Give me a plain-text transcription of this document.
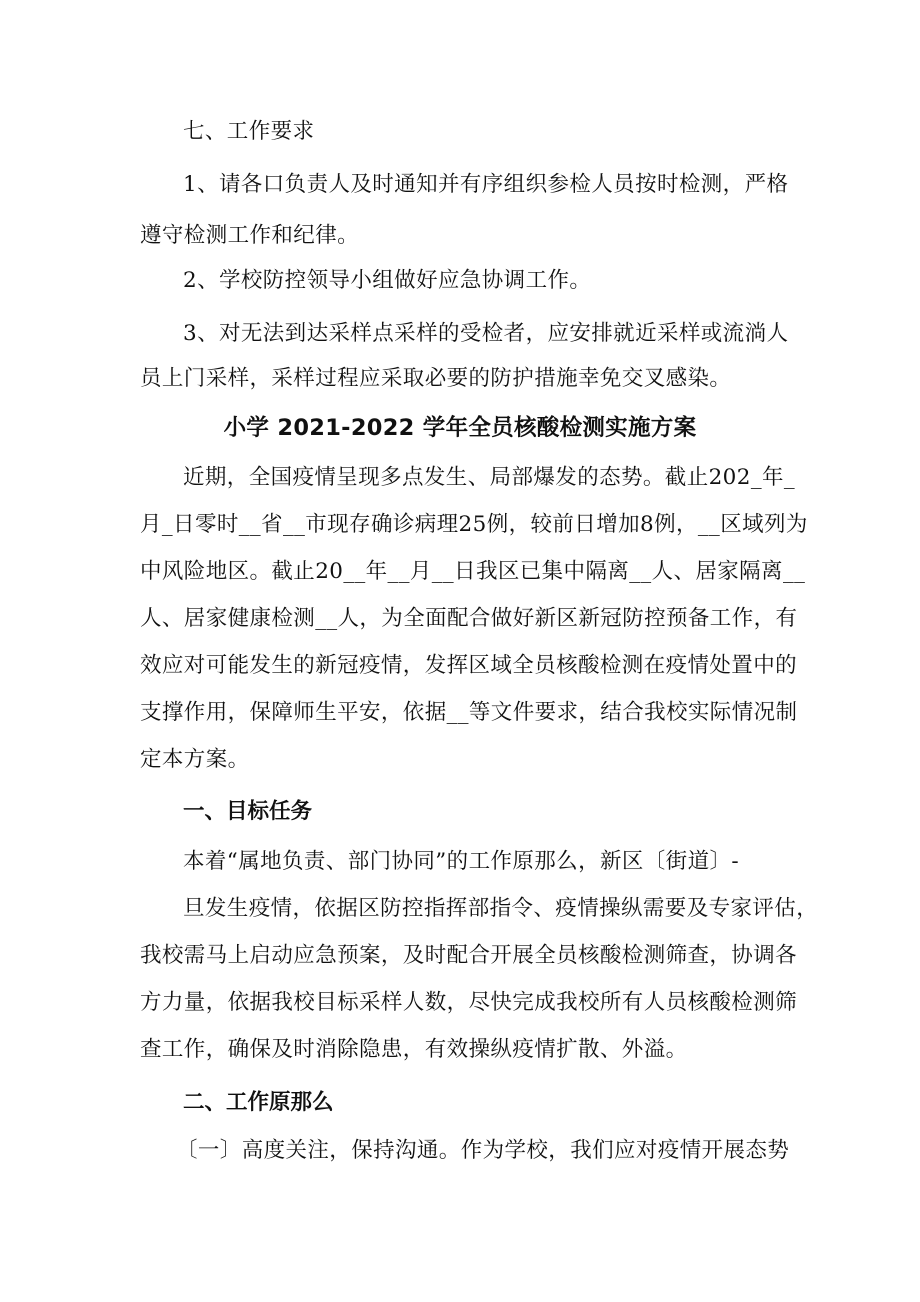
七、工作要求
1、请各口负责人及时通知并有序组织参检人员按时检测，严格
遵守检测工作和纪律。
2、学校防控领导小组做好应急协调工作。
3、对无法到达采样点采样的受检者，应安排就近采样或流淌人
员上门采样，采样过程应采取必要的防护措施幸免交叉感染。
小学 2021-2022 学年全员核酸检测实施方案
近期，全国疫情呈现多点发生、局部爆发的态势。截止202_年_
月_日零时__省__市现存确诊病理25例，较前日增加8例，__区域列为
中风险地区。截止20__年__月__日我区已集中隔离__人、居家隔离__
人、居家健康检测__人，为全面配合做好新区新冠防控预备工作，有
效应对可能发生的新冠疫情，发挥区域全员核酸检测在疫情处置中的
支撑作用，保障师生平安，依据__等文件要求，结合我校实际情况制
定本方案。
一、目标任务
本着“属地负责、部门协同”的工作原那么，新区〔街道〕-
旦发生疫情，依据区防控指挥部指令、疫情操纵需要及专家评估，
我校需马上启动应急预案，及时配合开展全员核酸检测筛查，协调各
方力量，依据我校目标采样人数，尽快完成我校所有人员核酸检测筛
查工作，确保及时消除隐患，有效操纵疫情扩散、外溢。
二、工作原那么
〔一〕高度关注，保持沟通。作为学校，我们应对疫情开展态势
